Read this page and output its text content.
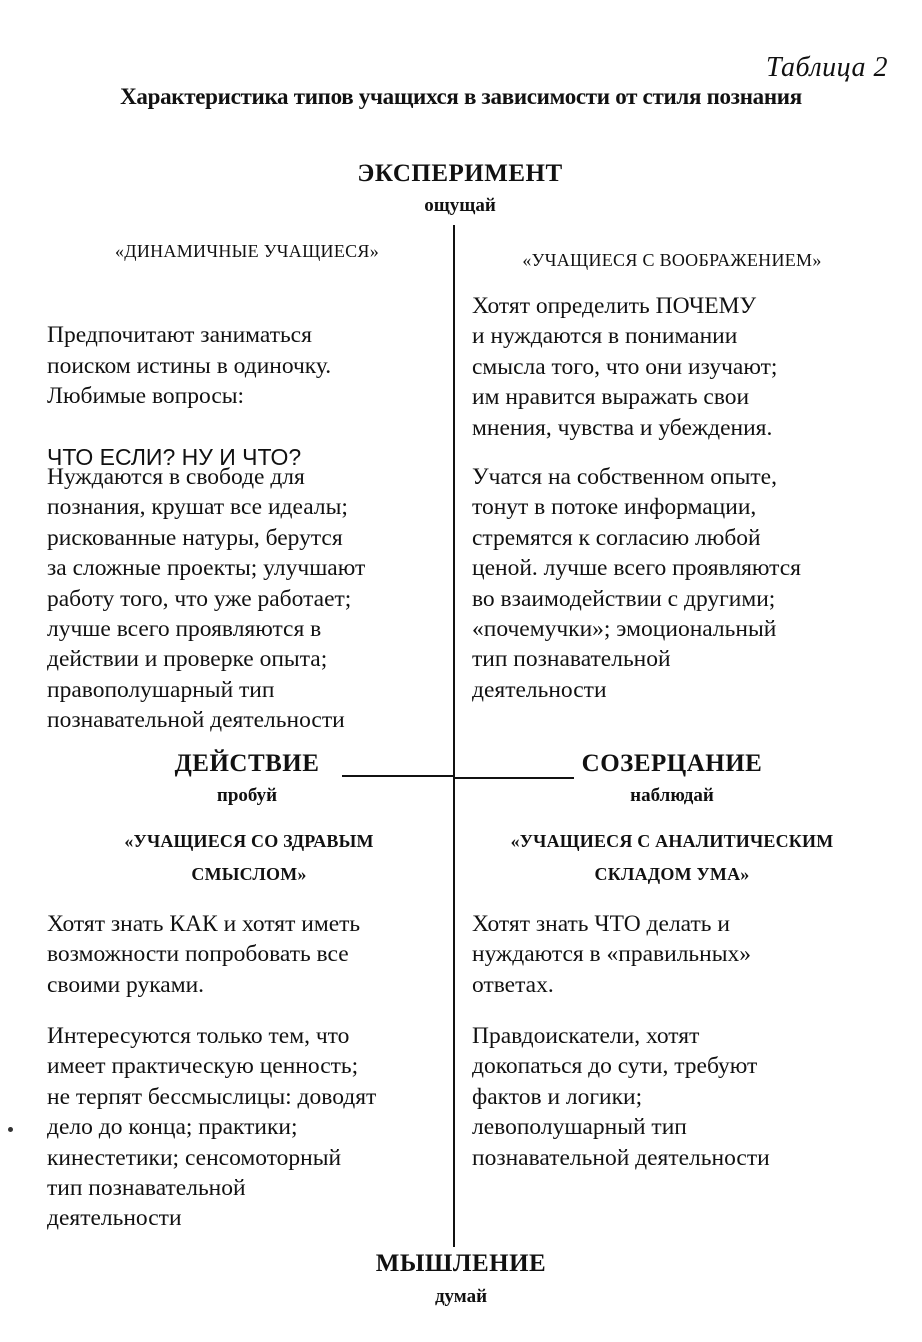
Таблица 2
Характеристика типов учащихся в зависимости от стиля познания
ЭКСПЕРИМЕНТ
ощущай
«ДИНАМИЧНЫЕ УЧАЩИЕСЯ»

Предпочитают заниматься
поиском истины в одиночку.
Любимые вопросы:

ЧТО ЕСЛИ? НУ И ЧТО?

Нуждаются в свободе для
познания, крушат все идеалы;
рискованные натуры, берутся
за сложные проекты; улучшают
работу того, что уже работает;
лучше всего проявляются в
действии и проверке опыта;
правополушарный тип
познавательной деятельности
«УЧАЩИЕСЯ С ВООБРАЖЕНИЕМ»
Хотят определить ПОЧЕМУ
и нуждаются в понимании
смысла того, что они изучают;
им нравится выражать свои
мнения, чувства и убеждения.
Учатся на собственном опыте,
тонут в потоке информации,
стремятся к согласию любой
ценой. лучше всего проявляются
во взаимодействии с другими;
«почемучки»; эмоциональный
тип познавательной
деятельности
ДЕЙСТВИЕ
пробуй
СОЗЕРЦАНИЕ
наблюдай
«УЧАЩИЕСЯ СО ЗДРАВЫМ
СМЫСЛОМ»
Хотят знать КАК и хотят иметь
возможности попробовать все
своими руками.
Интересуются только тем, что
имеет практическую ценность;
не терпят бессмыслицы: доводят
дело до конца; практики;
кинестетики; сенсомоторный
тип познавательной
деятельности
«УЧАЩИЕСЯ С АНАЛИТИЧЕСКИМ
СКЛАДОМ УМА»
Хотят знать ЧТО делать и
нуждаются в «правильных»
ответах.
Правдоискатели, хотят
докопаться до сути, требуют
фактов и логики;
левополушарный тип
познавательной деятельности
МЫШЛЕНИЕ
думай
